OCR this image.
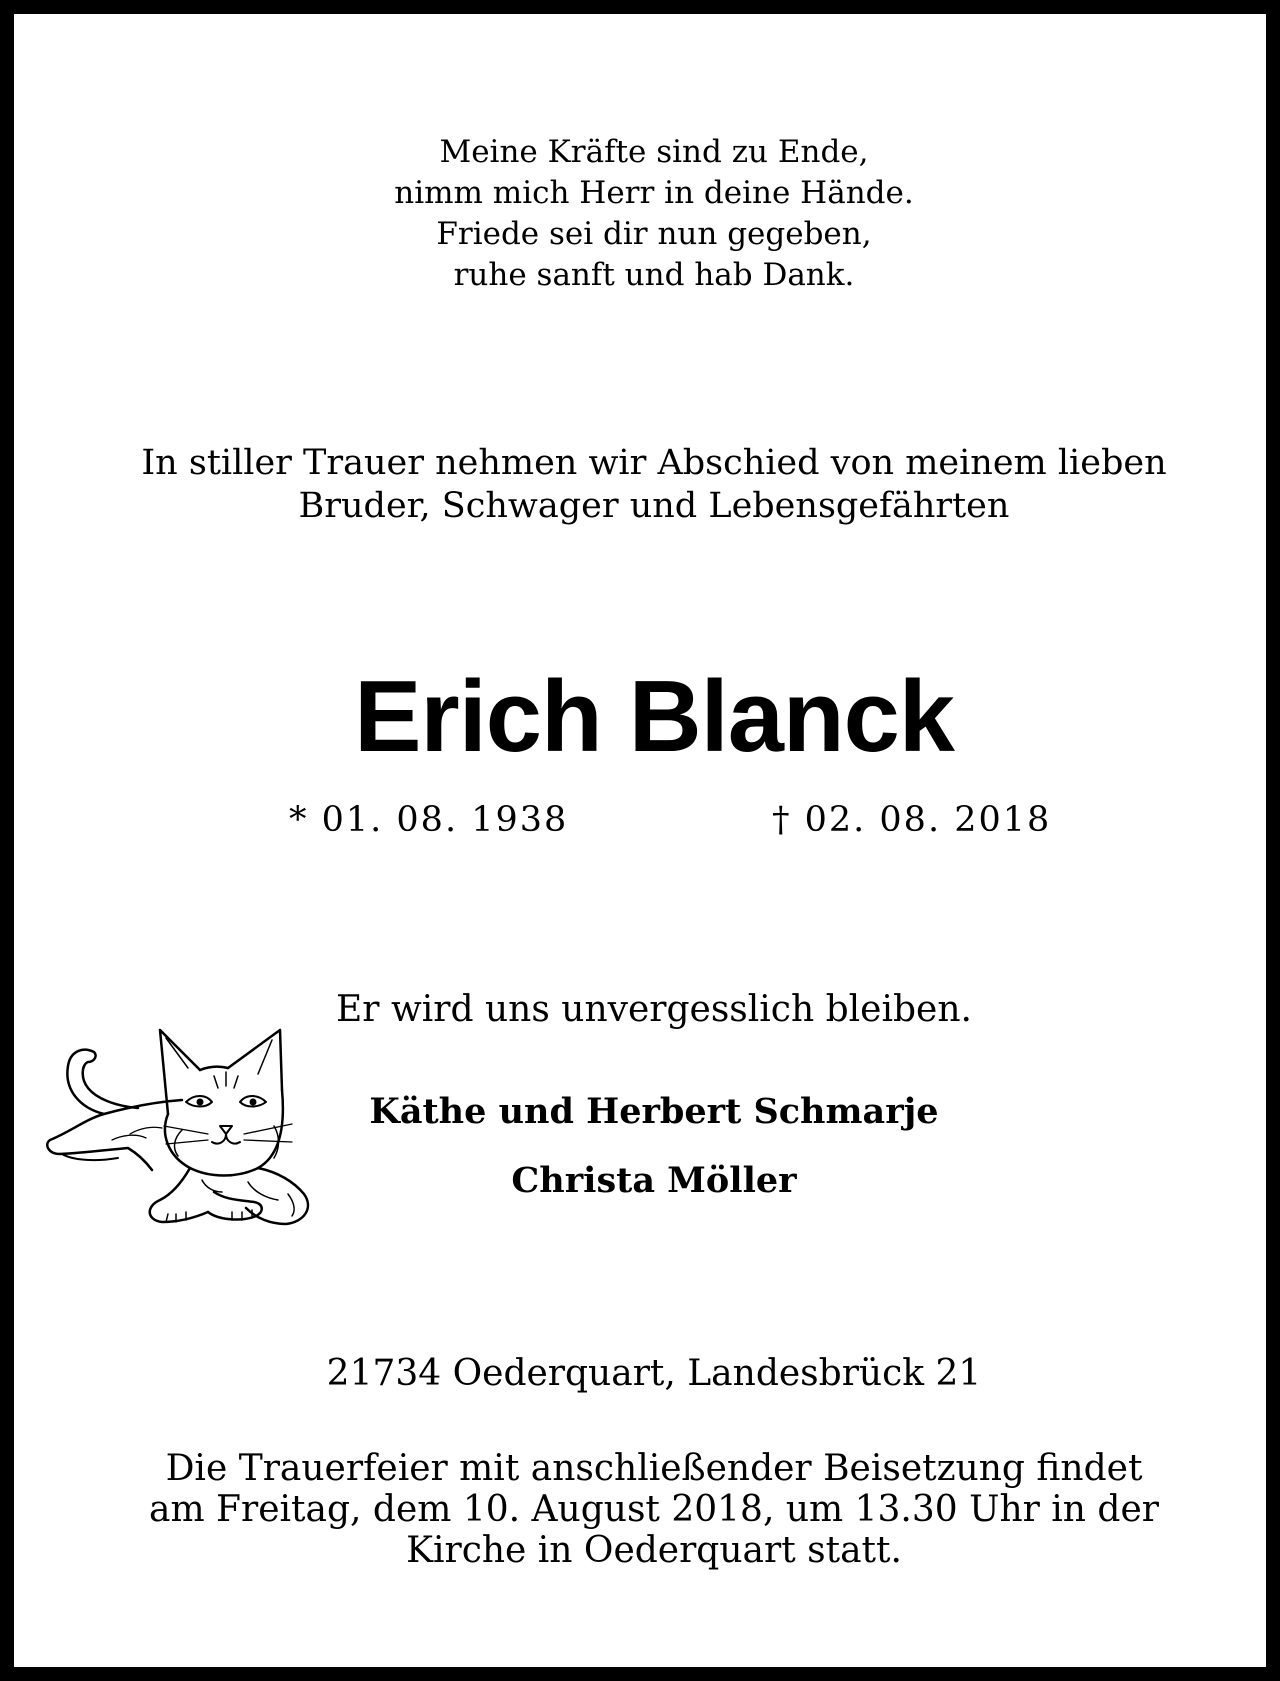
Meine Kräfte sind zu Ende,
nimm mich Herr in deine Hände.
Friede sei dir nun gegeben,
ruhe sanft und hab Dank.
In stiller Trauer nehmen wir Abschied von meinem lieben
Bruder, Schwager und Lebensgefährten
Erich Blanck
* 01. 08. 1938	† 02. 08. 2018
Er wird uns unvergesslich bleiben.
Käthe und Herbert Schmarje
Christa Möller
21734 Oederquart, Landesbrück 21
Die Trauerfeier mit anschließender Beisetzung findet
am Freitag, dem 10. August 2018, um 13.30 Uhr in der
Kirche in Oederquart statt.
